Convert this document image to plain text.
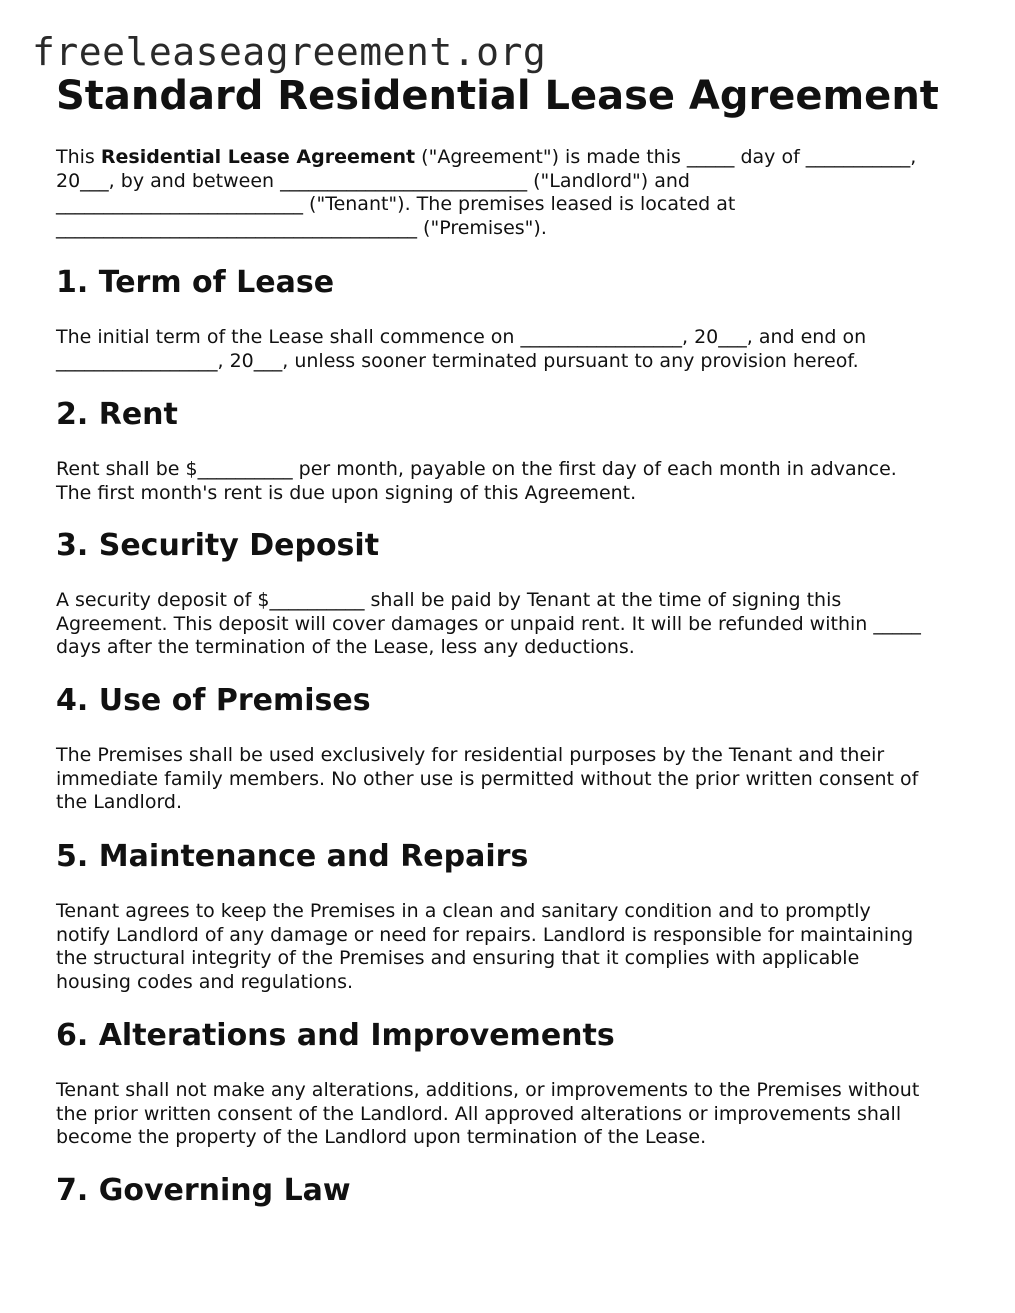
freeleaseagreement.org
Standard Residential Lease Agreement
This Residential Lease Agreement ("Agreement") is made this _____ day of ___________,
20___, by and between __________________________ ("Landlord") and
__________________________ ("Tenant"). The premises leased is located at
______________________________________ ("Premises").
1. Term of Lease
The initial term of the Lease shall commence on _________________, 20___, and end on
_________________, 20___, unless sooner terminated pursuant to any provision hereof.
2. Rent
Rent shall be $__________ per month, payable on the first day of each month in advance.
The first month's rent is due upon signing of this Agreement.
3. Security Deposit
A security deposit of $__________ shall be paid by Tenant at the time of signing this
Agreement. This deposit will cover damages or unpaid rent. It will be refunded within _____
days after the termination of the Lease, less any deductions.
4. Use of Premises
The Premises shall be used exclusively for residential purposes by the Tenant and their
immediate family members. No other use is permitted without the prior written consent of
the Landlord.
5. Maintenance and Repairs
Tenant agrees to keep the Premises in a clean and sanitary condition and to promptly
notify Landlord of any damage or need for repairs. Landlord is responsible for maintaining
the structural integrity of the Premises and ensuring that it complies with applicable
housing codes and regulations.
6. Alterations and Improvements
Tenant shall not make any alterations, additions, or improvements to the Premises without
the prior written consent of the Landlord. All approved alterations or improvements shall
become the property of the Landlord upon termination of the Lease.
7. Governing Law
